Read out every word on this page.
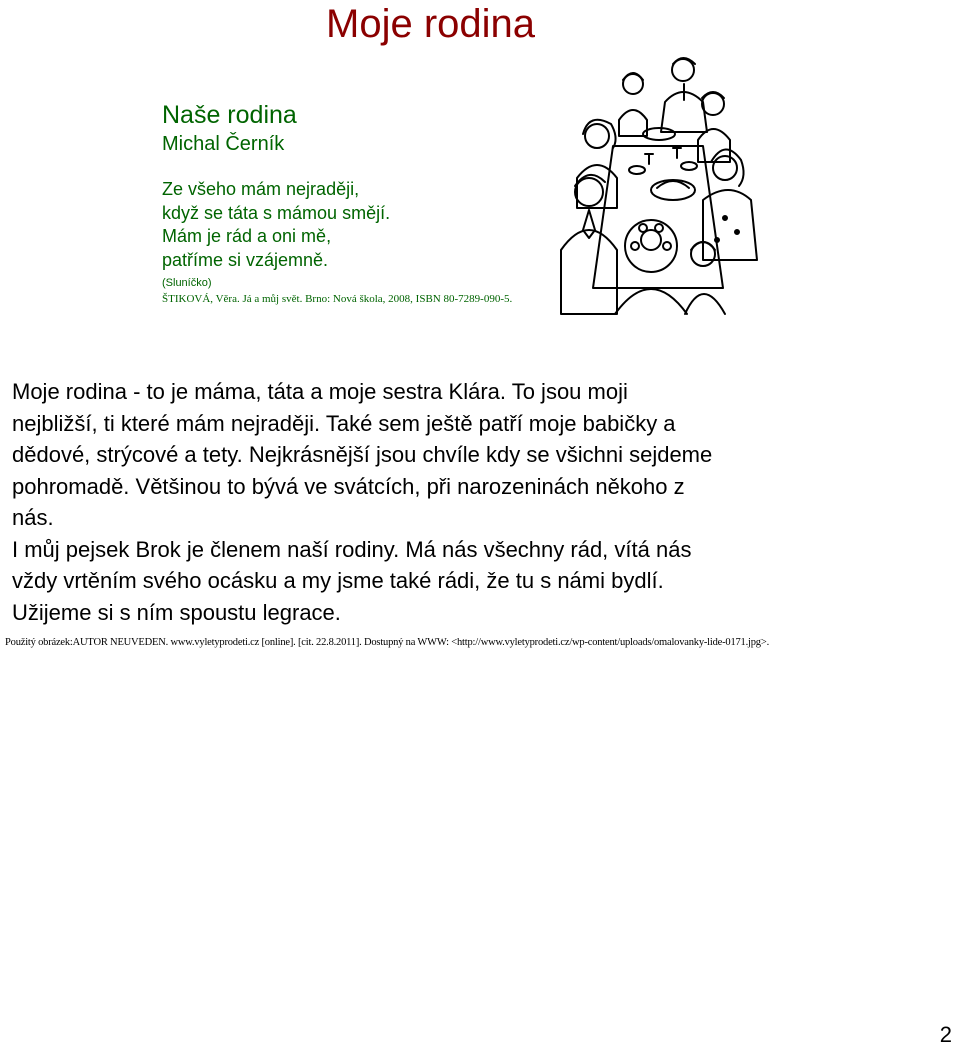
Moje rodina
Naše rodina
Michal Černík
Ze všeho mám nejraději,
když se táta s mámou smějí.
Mám je rád a oni mě,
patříme si vzájemně.
(Sluníčko)
ŠTIKOVÁ, Věra. Já a můj svět. Brno: Nová škola, 2008, ISBN 80-7289-090-5.
Moje rodina - to je máma, táta a moje sestra Klára. To jsou moji
nejbližší, ti které mám nejraději. Také sem ještě patří moje babičky a
dědové, strýcové a tety. Nejkrásnější jsou chvíle kdy se všichni sejdeme
pohromadě. Většinou to bývá ve svátcích, při narozeninách někoho z
nás.
I můj pejsek Brok je členem naší rodiny. Má nás všechny rád, vítá nás
vždy vrtěním svého ocásku a my jsme také rádi, že tu s námi bydlí.
Užijeme si s ním spoustu legrace.
Použitý obrázek:AUTOR NEUVEDEN. www.vyletyprodeti.cz [online]. [cit. 22.8.2011]. Dostupný na WWW: <http://www.vyletyprodeti.cz/wp-content/uploads/omalovanky-lide-0171.jpg>.
2
